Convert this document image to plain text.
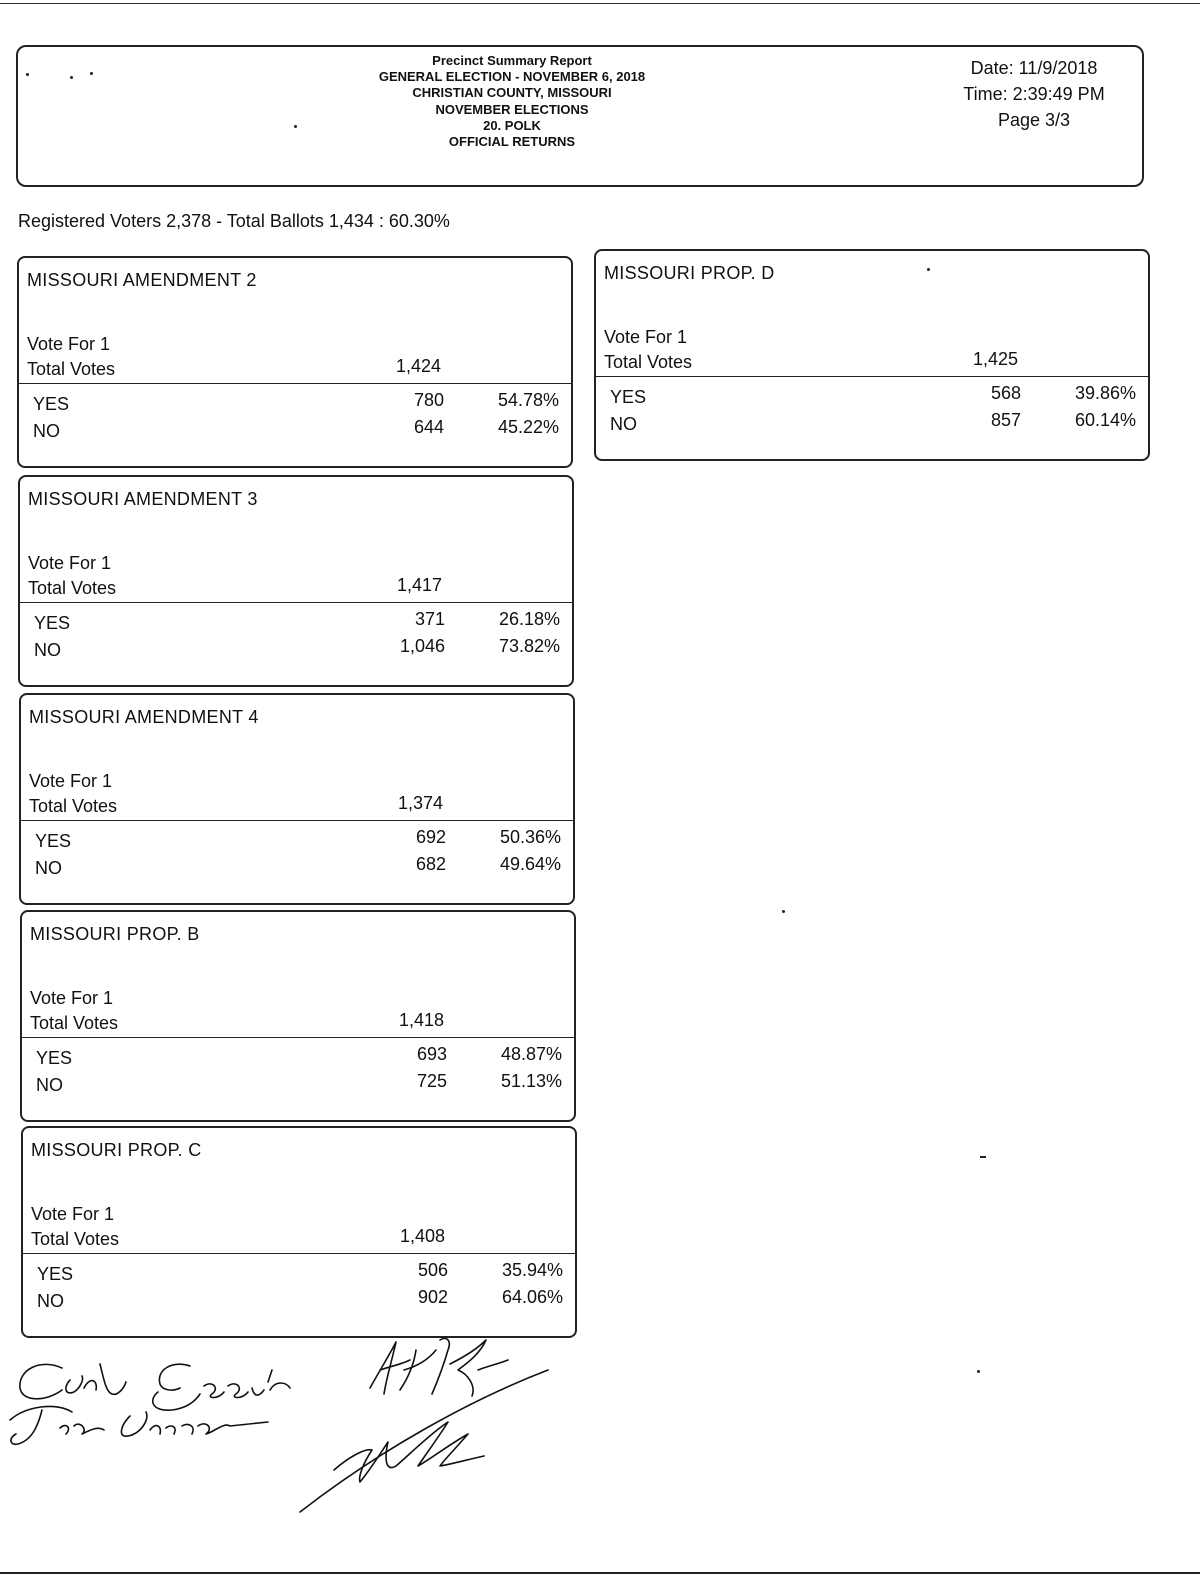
Precinct Summary Report
GENERAL ELECTION - NOVEMBER 6, 2018
CHRISTIAN COUNTY, MISSOURI
NOVEMBER ELECTIONS
20. POLK
OFFICIAL RETURNS
Date: 11/9/2018
Time: 2:39:49 PM
Page 3/3
Registered Voters 2,378 - Total Ballots 1,434 : 60.30%
MISSOURI AMENDMENT 2
Vote For 1
Total Votes	1,424
YES	780	54.78%
NO	644	45.22%
MISSOURI AMENDMENT 3
Vote For 1
Total Votes	1,417
YES	371	26.18%
NO	1,046	73.82%
MISSOURI AMENDMENT 4
Vote For 1
Total Votes	1,374
YES	692	50.36%
NO	682	49.64%
MISSOURI PROP. B
Vote For 1
Total Votes	1,418
YES	693	48.87%
NO	725	51.13%
MISSOURI PROP. C
Vote For 1
Total Votes	1,408
YES	506	35.94%
NO	902	64.06%
MISSOURI PROP. D
Vote For 1
Total Votes	1,425
YES	568	39.86%
NO	857	60.14%
